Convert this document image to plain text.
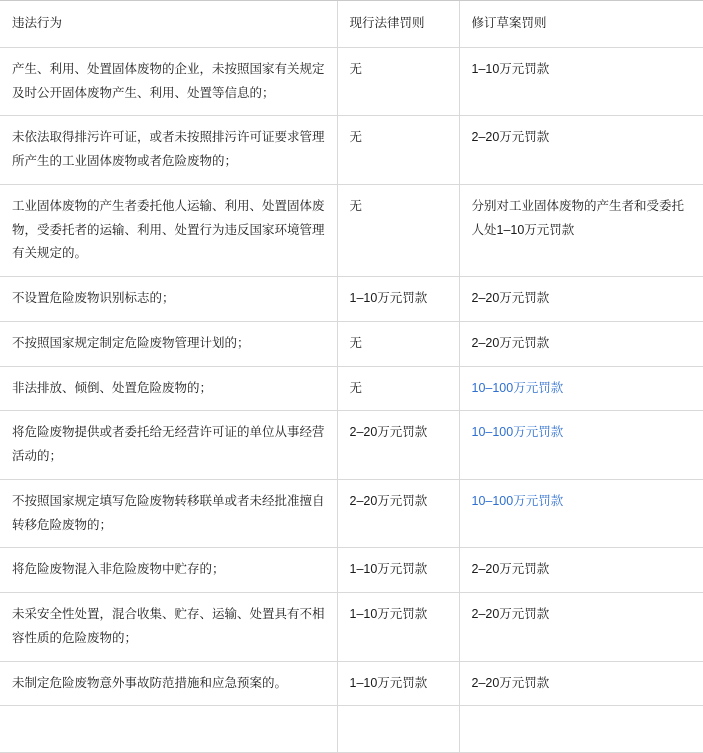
违法行为	现行法律罚则	修订草案罚则

产生、利用、处置固体废物的企业，未按照国家有关规定及时公开固体废物产生、利用、处置等信息的；	无	1–10万元罚款

未依法取得排污许可证，或者未按照排污许可证要求管理所产生的工业固体废物或者危险废物的；	无	2–20万元罚款

工业固体废物的产生者委托他人运输、利用、处置固体废物，受委托者的运输、利用、处置行为违反国家环境管理有关规定的。	无	分别对工业固体废物的产生者和受委托人处1–10万元罚款

不设置危险废物识别标志的；	1–10万元罚款	2–20万元罚款

不按照国家规定制定危险废物管理计划的；	无	2–20万元罚款

非法排放、倾倒、处置危险废物的；	无	10–100万元罚款

将危险废物提供或者委托给无经营许可证的单位从事经营活动的；	2–20万元罚款	10–100万元罚款

不按照国家规定填写危险废物转移联单或者未经批准擅自转移危险废物的；	2–20万元罚款	10–100万元罚款

将危险废物混入非危险废物中贮存的；	1–10万元罚款	2–20万元罚款

未采安全性处置，混合收集、贮存、运输、处置具有不相容性质的危险废物的；	1–10万元罚款	2–20万元罚款

未制定危险废物意外事故防范措施和应急预案的。	1–10万元罚款	2–20万元罚款
